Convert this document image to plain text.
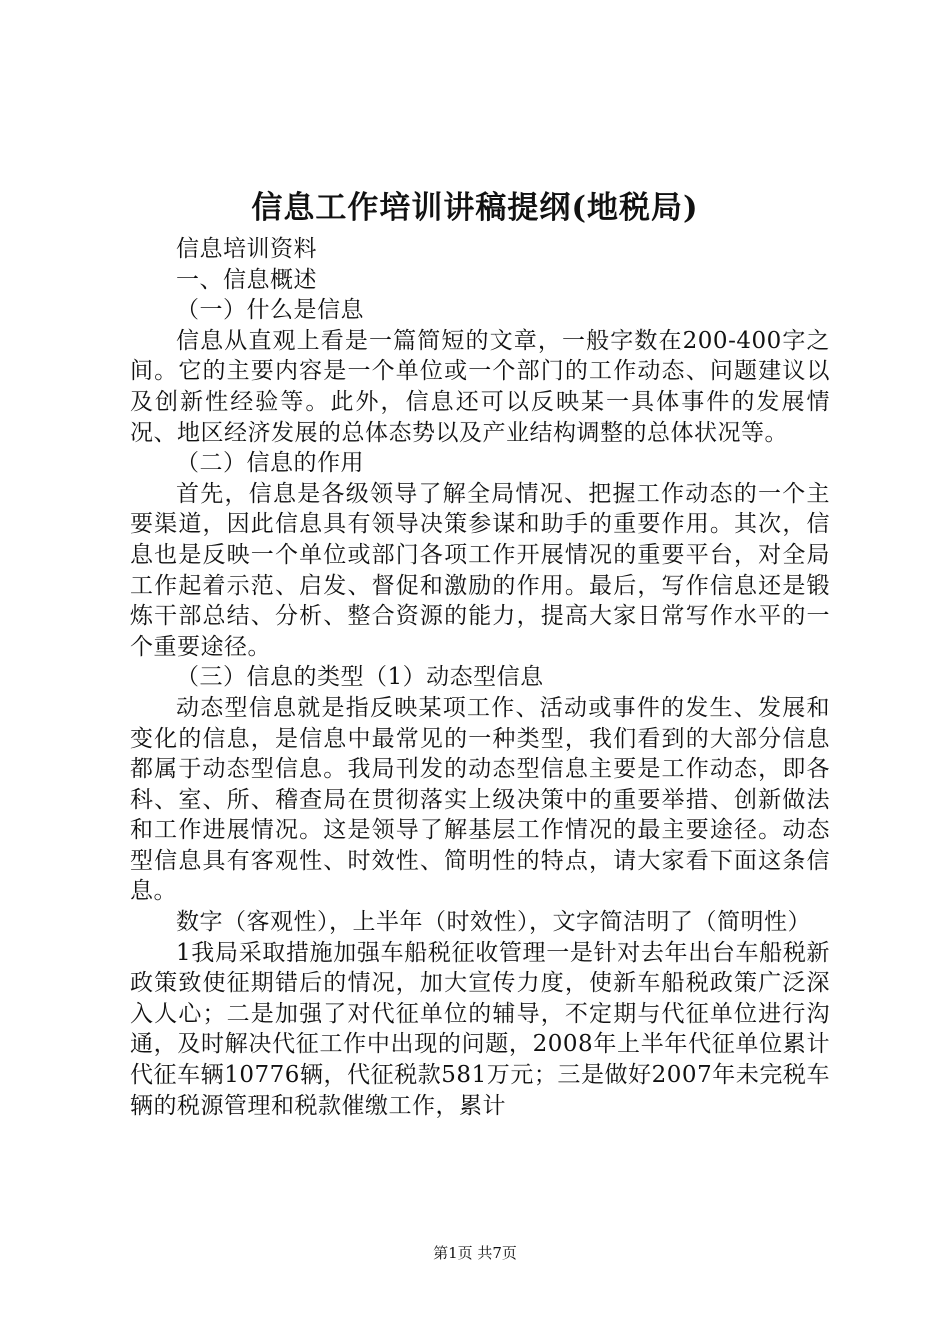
信息工作培训讲稿提纲(地税局)

信息培训资料

一、信息概述

（一）什么是信息

信息从直观上看是一篇简短的文章，一般字数在200-400字之间。它的主要内容是一个单位或一个部门的工作动态、问题建议以及创新性经验等。此外，信息还可以反映某一具体事件的发展情况、地区经济发展的总体态势以及产业结构调整的总体状况等。

（二）信息的作用

首先，信息是各级领导了解全局情况、把握工作动态的一个主要渠道，因此信息具有领导决策参谋和助手的重要作用。其次，信息也是反映一个单位或部门各项工作开展情况的重要平台，对全局工作起着示范、启发、督促和激励的作用。最后，写作信息还是锻炼干部总结、分析、整合资源的能力，提高大家日常写作水平的一个重要途径。

（三）信息的类型（1）动态型信息

动态型信息就是指反映某项工作、活动或事件的发生、发展和变化的信息，是信息中最常见的一种类型，我们看到的大部分信息都属于动态型信息。我局刊发的动态型信息主要是工作动态，即各科、室、所、稽查局在贯彻落实上级决策中的重要举措、创新做法和工作进展情况。这是领导了解基层工作情况的最主要途径。动态型信息具有客观性、时效性、简明性的特点，请大家看下面这条信息。

数字（客观性），上半年（时效性），文字简洁明了（简明性）

1我局采取措施加强车船税征收管理一是针对去年出台车船税新政策致使征期错后的情况，加大宣传力度，使新车船税政策广泛深入人心；二是加强了对代征单位的辅导，不定期与代征单位进行沟通，及时解决代征工作中出现的问题，2008年上半年代征单位累计代征车辆10776辆，代征税款581万元；三是做好2007年未完税车辆的税源管理和税款催缴工作，累计

第1页 共7页
